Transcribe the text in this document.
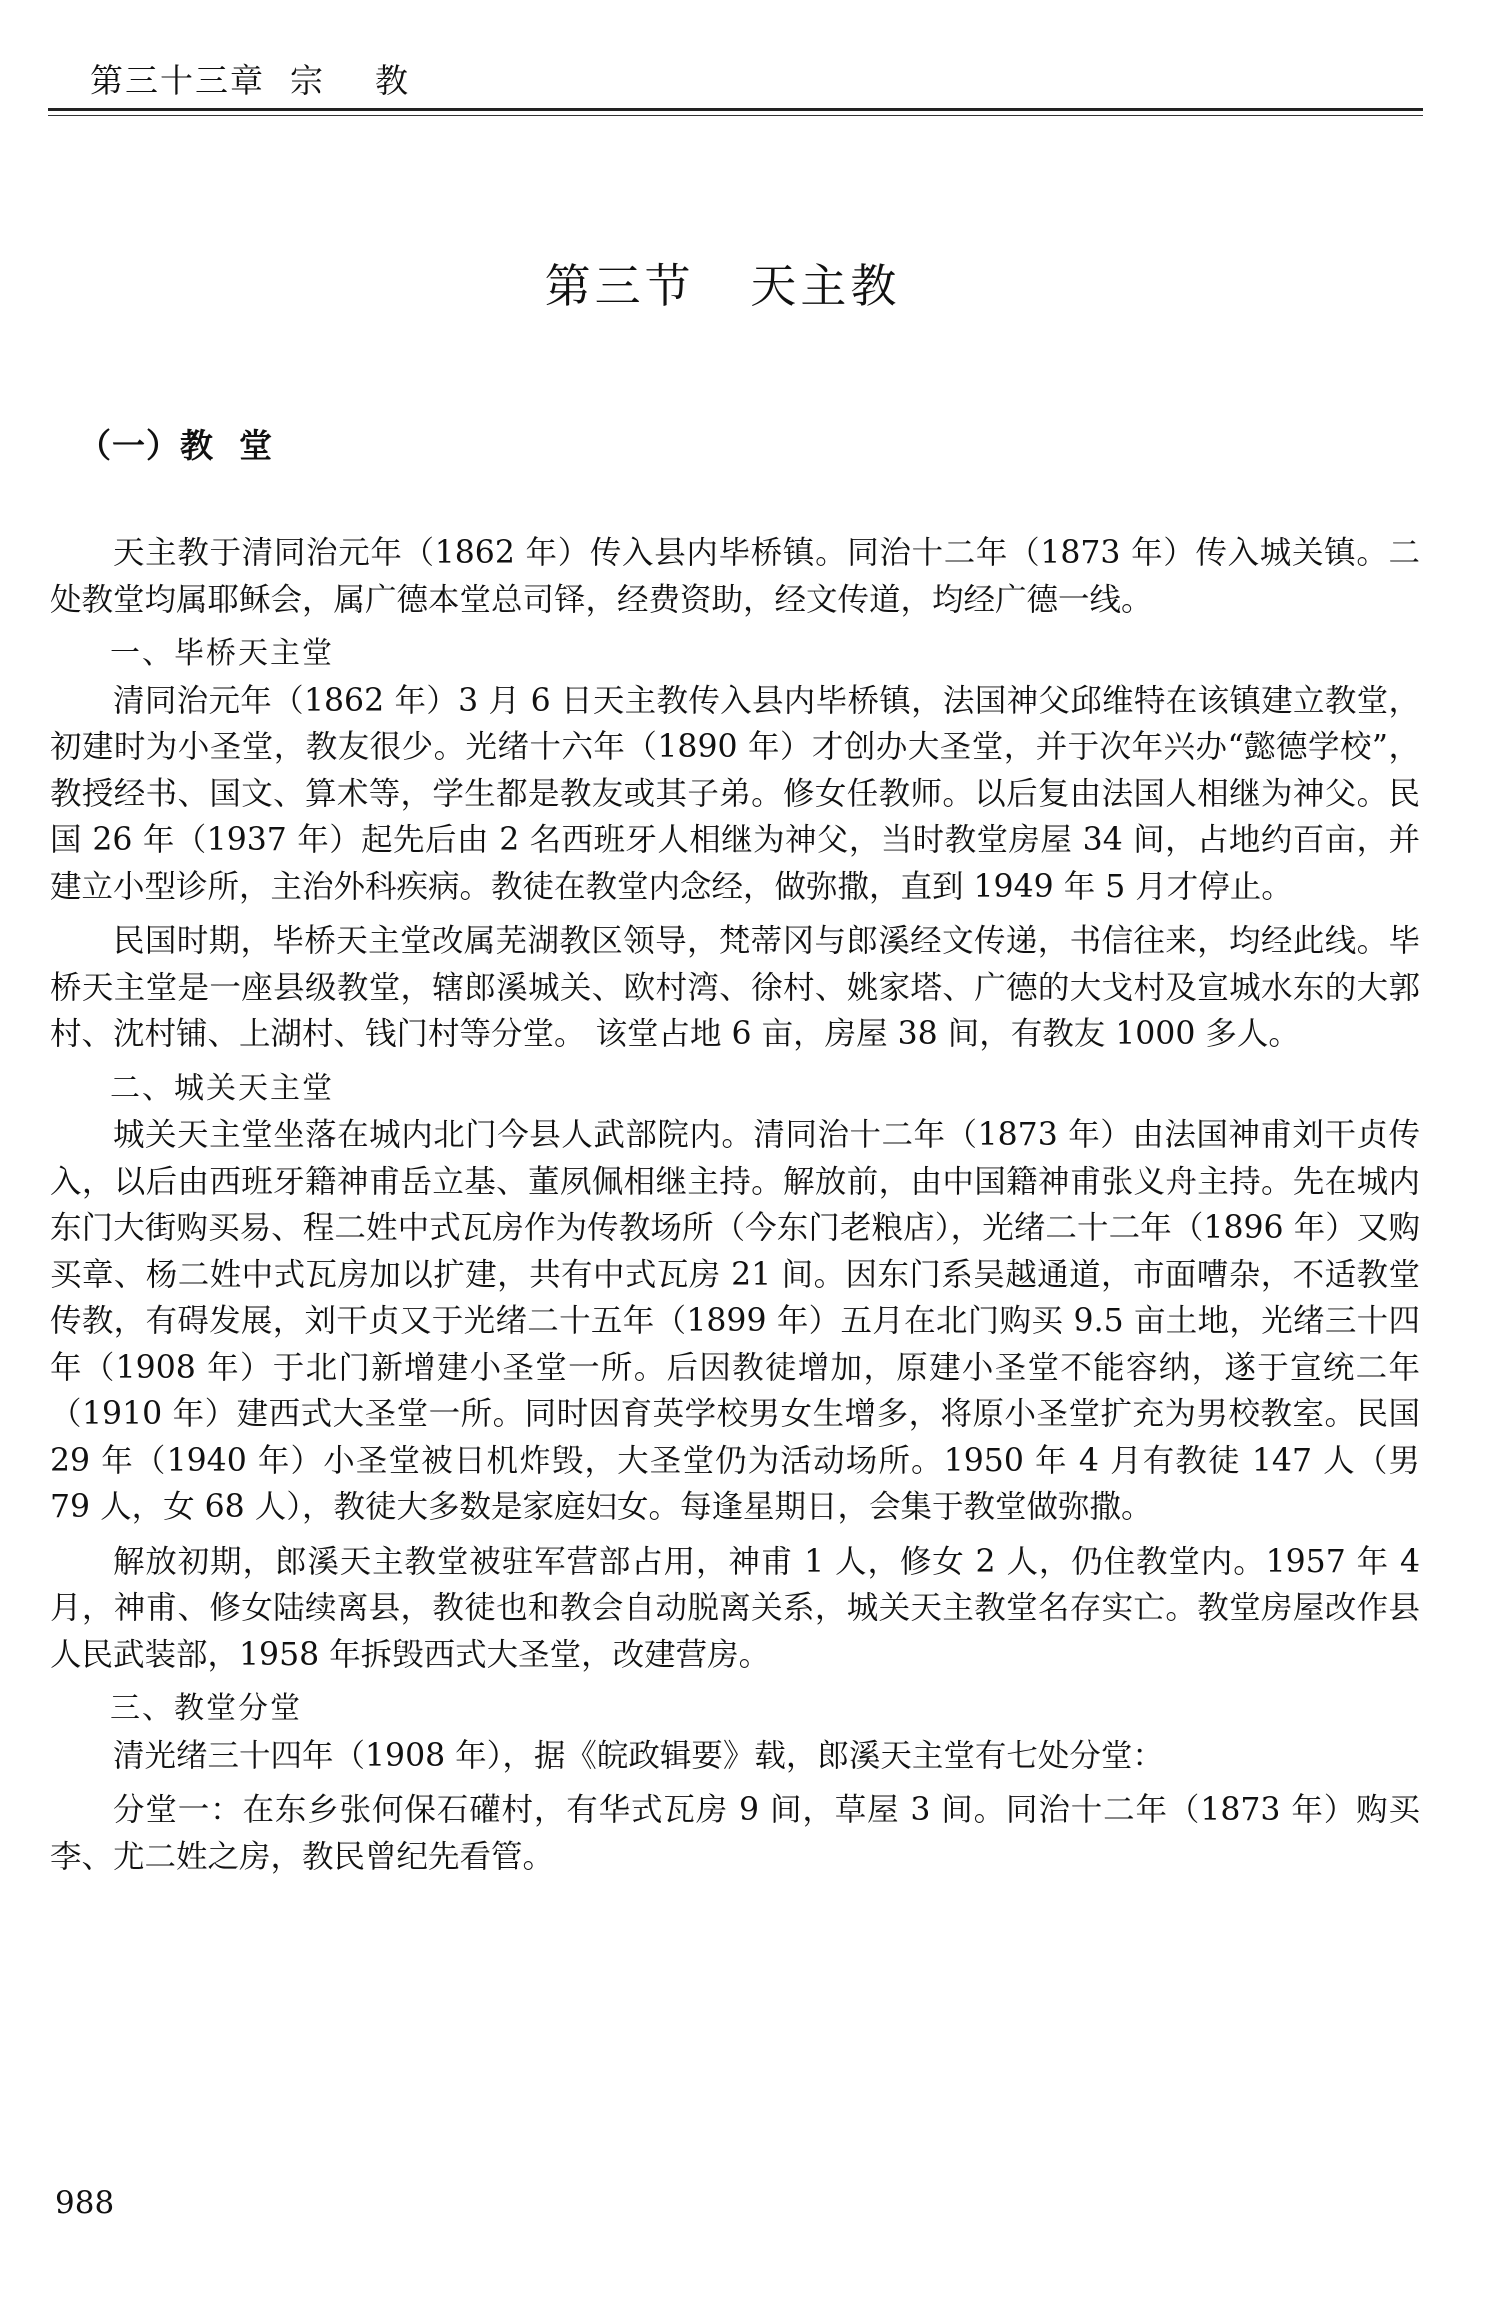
第三十三章  宗    教
第三节   天主教
（一）教  堂

天主教于清同治元年（1862 年）传入县内毕桥镇。同治十二年（1873 年）传入城关镇。二处教堂均属耶稣会，属广德本堂总司铎，经费资助，经文传道，均经广德一线。

一、毕桥天主堂

清同治元年（1862 年）3 月 6 日天主教传入县内毕桥镇，法国神父邱维特在该镇建立教堂，初建时为小圣堂，教友很少。光绪十六年（1890 年）才创办大圣堂，并于次年兴办“懿德学校”，教授经书、国文、算术等，学生都是教友或其子弟。修女任教师。以后复由法国人相继为神父。民国 26 年（1937 年）起先后由 2 名西班牙人相继为神父，当时教堂房屋 34 间，占地约百亩，并建立小型诊所，主治外科疾病。教徒在教堂内念经，做弥撒，直到 1949 年 5 月才停止。

民国时期，毕桥天主堂改属芜湖教区领导，梵蒂冈与郎溪经文传递，书信往来，均经此线。毕桥天主堂是一座县级教堂，辖郎溪城关、欧村湾、徐村、姚家塔、广德的大戈村及宣城水东的大郭村、沈村铺、上湖村、钱门村等分堂。 该堂占地 6 亩，房屋 38 间，有教友 1000 多人。

二、城关天主堂

城关天主堂坐落在城内北门今县人武部院内。清同治十二年（1873 年）由法国神甫刘干贞传入，以后由西班牙籍神甫岳立基、董夙佩相继主持。解放前，由中国籍神甫张义舟主持。先在城内东门大街购买易、程二姓中式瓦房作为传教场所（今东门老粮店），光绪二十二年（1896 年）又购买章、杨二姓中式瓦房加以扩建，共有中式瓦房 21 间。因东门系吴越通道，市面嘈杂，不适教堂传教，有碍发展，刘干贞又于光绪二十五年（1899 年）五月在北门购买 9.5 亩土地，光绪三十四年（1908 年）于北门新增建小圣堂一所。后因教徒增加，原建小圣堂不能容纳，遂于宣统二年（1910 年）建西式大圣堂一所。同时因育英学校男女生增多，将原小圣堂扩充为男校教室。民国 29 年（1940 年）小圣堂被日机炸毁，大圣堂仍为活动场所。1950 年 4 月有教徒 147 人（男 79 人，女 68 人），教徒大多数是家庭妇女。每逢星期日，会集于教堂做弥撒。

解放初期，郎溪天主教堂被驻军营部占用，神甫 1 人，修女 2 人，仍住教堂内。1957 年 4 月，神甫、修女陆续离县，教徒也和教会自动脱离关系，城关天主教堂名存实亡。教堂房屋改作县人民武装部，1958 年拆毁西式大圣堂，改建营房。

三、教堂分堂

清光绪三十四年（1908 年），据《皖政辑要》载，郎溪天主堂有七处分堂：

分堂一：在东乡张何保石礶村，有华式瓦房 9 间，草屋 3 间。同治十二年（1873 年）购买李、尤二姓之房，教民曾纪先看管。

988
